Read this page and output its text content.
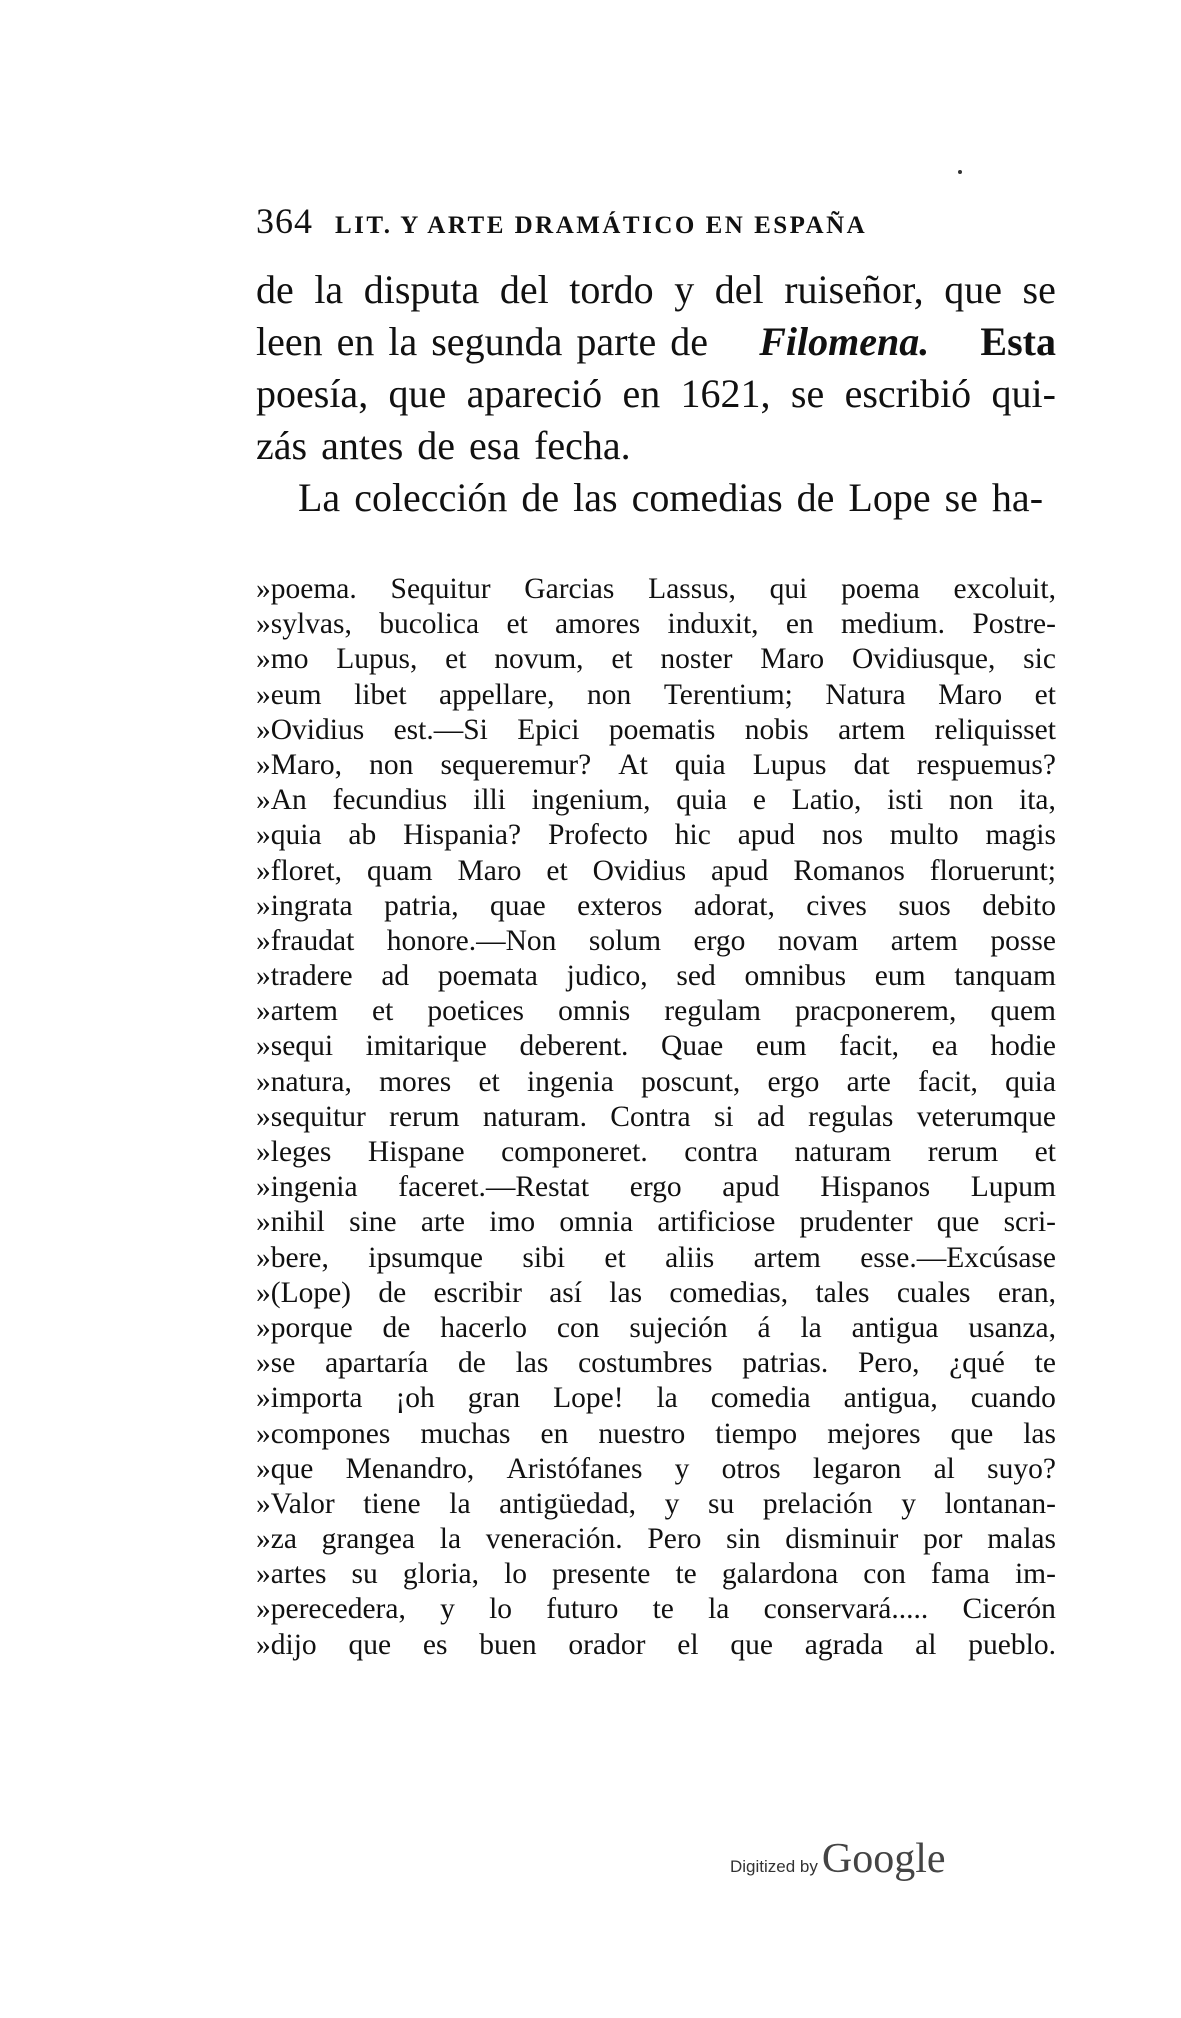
364 LIT. Y ARTE DRAMÁTICO EN ESPAÑA
de la disputa del tordo y del ruiseñor, que se
leen en la segunda parte de Filomena. Esta
poesía, que apareció en 1621, se escribió qui-
zás antes de esa fecha.
La colección de las comedias de Lope se ha-
»poema. Sequitur Garcias Lassus, qui poema excoluit,
»sylvas, bucolica et amores induxit, en medium. Postre-
»mo Lupus, et novum, et noster Maro Ovidiusque, sic
»eum libet appellare, non Terentium; Natura Maro et
»Ovidius est.—Si Epici poematis nobis artem reliquisset
»Maro, non sequeremur? At quia Lupus dat respuemus?
»An fecundius illi ingenium, quia e Latio, isti non ita,
»quia ab Hispania? Profecto hic apud nos multo magis
»floret, quam Maro et Ovidius apud Romanos floruerunt;
»ingrata patria, quae exteros adorat, cives suos debito
»fraudat honore.—Non solum ergo novam artem posse
»tradere ad poemata judico, sed omnibus eum tanquam
»artem et poetices omnis regulam pracponerem, quem
»sequi imitarique deberent. Quae eum facit, ea hodie
»natura, mores et ingenia poscunt, ergo arte facit, quia
»sequitur rerum naturam. Contra si ad regulas veterumque
»leges Hispane componeret. contra naturam rerum et
»ingenia faceret.—Restat ergo apud Hispanos Lupum
»nihil sine arte imo omnia artificiose prudenter que scri-
»bere, ipsumque sibi et aliis artem esse.—Excúsase
»(Lope) de escribir así las comedias, tales cuales eran,
»porque de hacerlo con sujeción á la antigua usanza,
»se apartaría de las costumbres patrias. Pero, ¿qué te
»importa ¡oh gran Lope! la comedia antigua, cuando
»compones muchas en nuestro tiempo mejores que las
»que Menandro, Aristófanes y otros legaron al suyo?
»Valor tiene la antigüedad, y su prelación y lontanan-
»za grangea la veneración. Pero sin disminuir por malas
»artes su gloria, lo presente te galardona con fama im-
»perecedera, y lo futuro te la conservará..... Cicerón
»dijo que es buen orador el que agrada al pueblo.
Digitized by Google
